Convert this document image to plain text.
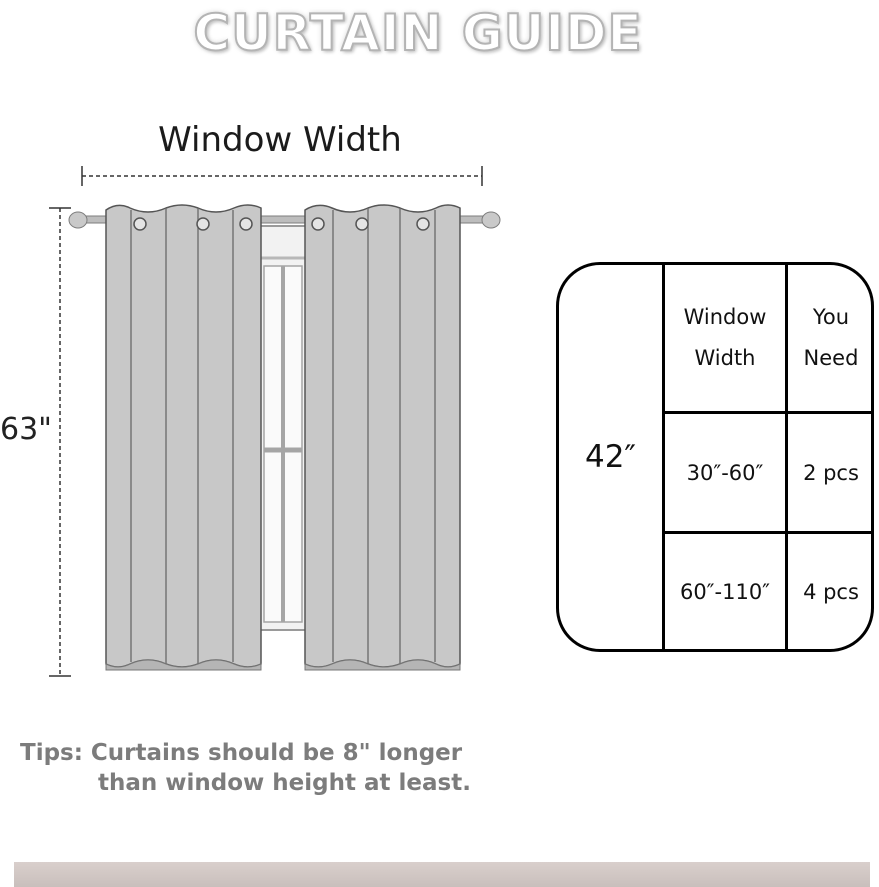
CURTAIN GUIDE
Window Width
63"
42″
Window
Width
You
Need
30″-60″	2 pcs
60″-110″	4 pcs
Tips: Curtains should be 8" longer
than window height at least.
